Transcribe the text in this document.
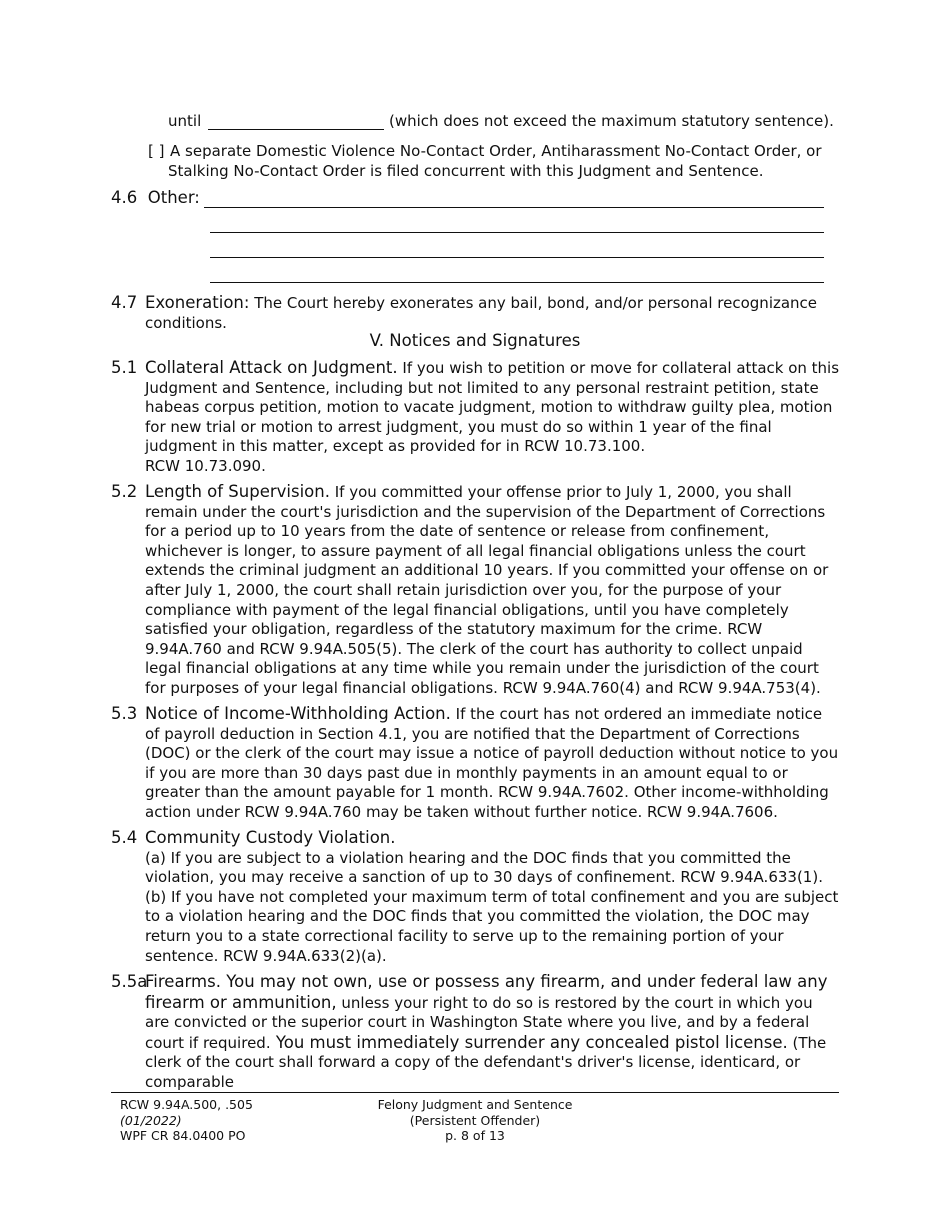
until	(which does not exceed the maximum statutory sentence).
[ ] A separate Domestic Violence No-Contact Order, Antiharassment No-Contact Order, or Stalking No-Contact Order is filed concurrent with this Judgment and Sentence.
4.6 Other:
4.7 Exoneration: The Court hereby exonerates any bail, bond, and/or personal recognizance conditions.
V. Notices and Signatures
5.1 Collateral Attack on Judgment. If you wish to petition or move for collateral attack on this Judgment and Sentence, including but not limited to any personal restraint petition, state habeas corpus petition, motion to vacate judgment, motion to withdraw guilty plea, motion for new trial or motion to arrest judgment, you must do so within 1 year of the final judgment in this matter, except as provided for in RCW 10.73.100.
RCW 10.73.090.
5.2 Length of Supervision. If you committed your offense prior to July 1, 2000, you shall remain under the court's jurisdiction and the supervision of the Department of Corrections for a period up to 10 years from the date of sentence or release from confinement, whichever is longer, to assure payment of all legal financial obligations unless the court extends the criminal judgment an additional 10 years. If you committed your offense on or after July 1, 2000, the court shall retain jurisdiction over you, for the purpose of your compliance with payment of the legal financial obligations, until you have completely satisfied your obligation, regardless of the statutory maximum for the crime. RCW 9.94A.760 and RCW 9.94A.505(5). The clerk of the court has authority to collect unpaid legal financial obligations at any time while you remain under the jurisdiction of the court for purposes of your legal financial obligations. RCW 9.94A.760(4) and RCW 9.94A.753(4).
5.3 Notice of Income-Withholding Action. If the court has not ordered an immediate notice of payroll deduction in Section 4.1, you are notified that the Department of Corrections (DOC) or the clerk of the court may issue a notice of payroll deduction without notice to you if you are more than 30 days past due in monthly payments in an amount equal to or greater than the amount payable for 1 month. RCW 9.94A.7602. Other income-withholding action under RCW 9.94A.760 may be taken without further notice. RCW 9.94A.7606.
5.4 Community Custody Violation.
(a) If you are subject to a violation hearing and the DOC finds that you committed the violation, you may receive a sanction of up to 30 days of confinement. RCW 9.94A.633(1).
(b) If you have not completed your maximum term of total confinement and you are subject to a violation hearing and the DOC finds that you committed the violation, the DOC may return you to a state correctional facility to serve up to the remaining portion of your sentence. RCW 9.94A.633(2)(a).
5.5a
Firearms. You may not own, use or possess any firearm, and under federal law any firearm or ammunition, unless your right to do so is restored by the court in which you are convicted or the superior court in Washington State where you live, and by a federal court if required. You must immediately surrender any concealed pistol license. (The clerk of the court shall forward a copy of the defendant's driver's license, identicard, or comparable
RCW 9.94A.500, .505
(01/2022)
WPF CR 84.0400 PO
Felony Judgment and Sentence
(Persistent Offender)
p. 8 of 13
